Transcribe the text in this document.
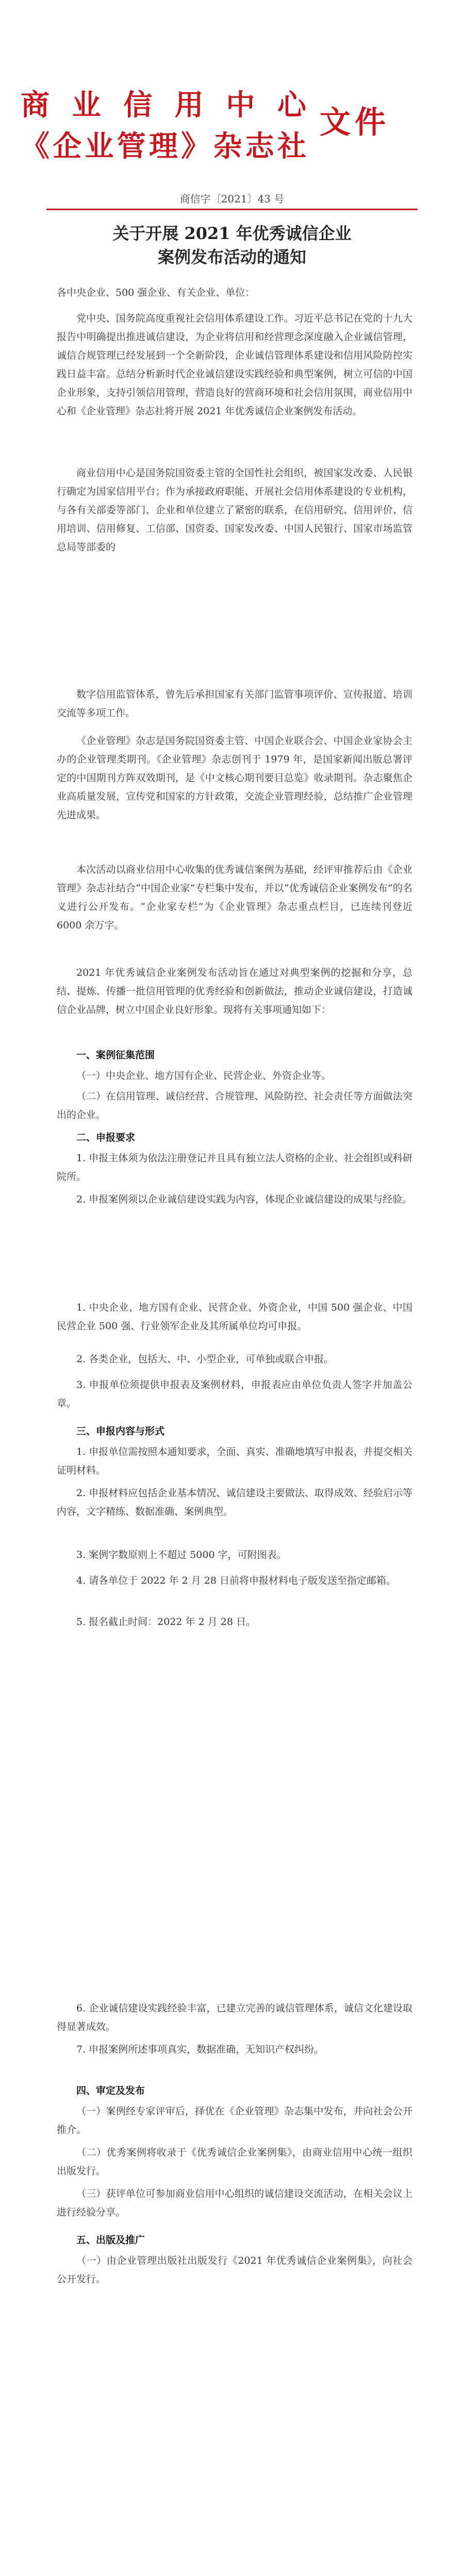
商业信用中心
《企业管理》杂志社
文件
商信字〔2021〕43 号
关于开展 2021 年优秀诚信企业
案例发布活动的通知
各中央企业、500 强企业、有关企业、单位：
党中央、国务院高度重视社会信用体系建设工作。习近平总书记在党的十九大报告中明确提出推进诚信建设，为企业将信用和经营理念深度融入企业诚信管理，诚信合规管理已经发展到一个全新阶段，企业诚信管理体系建设和信用风险防控实践日益丰富。总结分析新时代企业诚信建设实践经验和典型案例，树立可信的中国企业形象，支持引领信用管理，营造良好的营商环境和社会信用氛围，商业信用中心和《企业管理》杂志社将开展 2021 年优秀诚信企业案例发布活动。
商业信用中心是国务院国资委主管的全国性社会组织，被国家发改委、人民银行确定为国家信用平台；作为承接政府职能、开展社会信用体系建设的专业机构，与各有关部委等部门、企业和单位建立了紧密的联系，在信用研究、信用评价、信用培训、信用修复、工信部、国资委、国家发改委、中国人民银行、国家市场监管总局等部委的
数字信用监管体系，曾先后承担国家有关部门监管事项评价、宣传报道、培训交流等多项工作。
《企业管理》杂志是国务院国资委主管、中国企业联合会、中国企业家协会主办的企业管理类期刊。《企业管理》杂志创刊于 1979 年，是国家新闻出版总署评定的中国期刊方阵双效期刊，是《中文核心期刊要目总览》收录期刊。杂志聚焦企业高质量发展，宣传党和国家的方针政策，交流企业管理经验，总结推广企业管理先进成果。
本次活动以商业信用中心收集的优秀诚信案例为基础，经评审推荐后由《企业管理》杂志社结合“中国企业家”专栏集中发布，并以“优秀诚信企业案例发布”的名义进行公开发布。“企业家专栏”为《企业管理》杂志重点栏目，已连续刊登近 6000 余万字。
2021 年优秀诚信企业案例发布活动旨在通过对典型案例的挖掘和分享，总结、提炼、传播一批信用管理的优秀经验和创新做法，推动企业诚信建设，打造诚信企业品牌，树立中国企业良好形象。现将有关事项通知如下：
一、案例征集范围
（一）中央企业、地方国有企业、民营企业、外资企业等。
（二）在信用管理、诚信经营、合规管理、风险防控、社会责任等方面做法突出的企业。
二、申报要求
1. 申报主体须为依法注册登记并且具有独立法人资格的企业、社会组织或科研院所。
2. 申报案例须以企业诚信建设实践为内容，体现企业诚信建设的成果与经验。
1. 中央企业、地方国有企业、民营企业、外资企业，中国 500 强企业、中国民营企业 500 强、行业领军企业及其所属单位均可申报。
2. 各类企业，包括大、中、小型企业，可单独或联合申报。
3. 申报单位须提供申报表及案例材料，申报表应由单位负责人签字并加盖公章。
三、申报内容与形式
1. 申报单位需按照本通知要求，全面、真实、准确地填写申报表，并提交相关证明材料。
2. 申报材料应包括企业基本情况、诚信建设主要做法、取得成效、经验启示等内容，文字精练、数据准确、案例典型。
3. 案例字数原则上不超过 5000 字，可附图表。
4. 请各单位于 2022 年 2 月 28 日前将申报材料电子版发送至指定邮箱。
5. 报名截止时间：2022 年 2 月 28 日。
6. 企业诚信建设实践经验丰富，已建立完善的诚信管理体系，诚信文化建设取得显著成效。
7. 申报案例所述事项真实，数据准确，无知识产权纠纷。
四、审定及发布
（一）案例经专家评审后，择优在《企业管理》杂志集中发布，并向社会公开推介。
（二）优秀案例将收录于《优秀诚信企业案例集》，由商业信用中心统一组织出版发行。
（三）获评单位可参加商业信用中心组织的诚信建设交流活动，在相关会议上进行经验分享。
五、出版及推广
（一）由企业管理出版社出版发行《2021 年优秀诚信企业案例集》，向社会公开发行。
